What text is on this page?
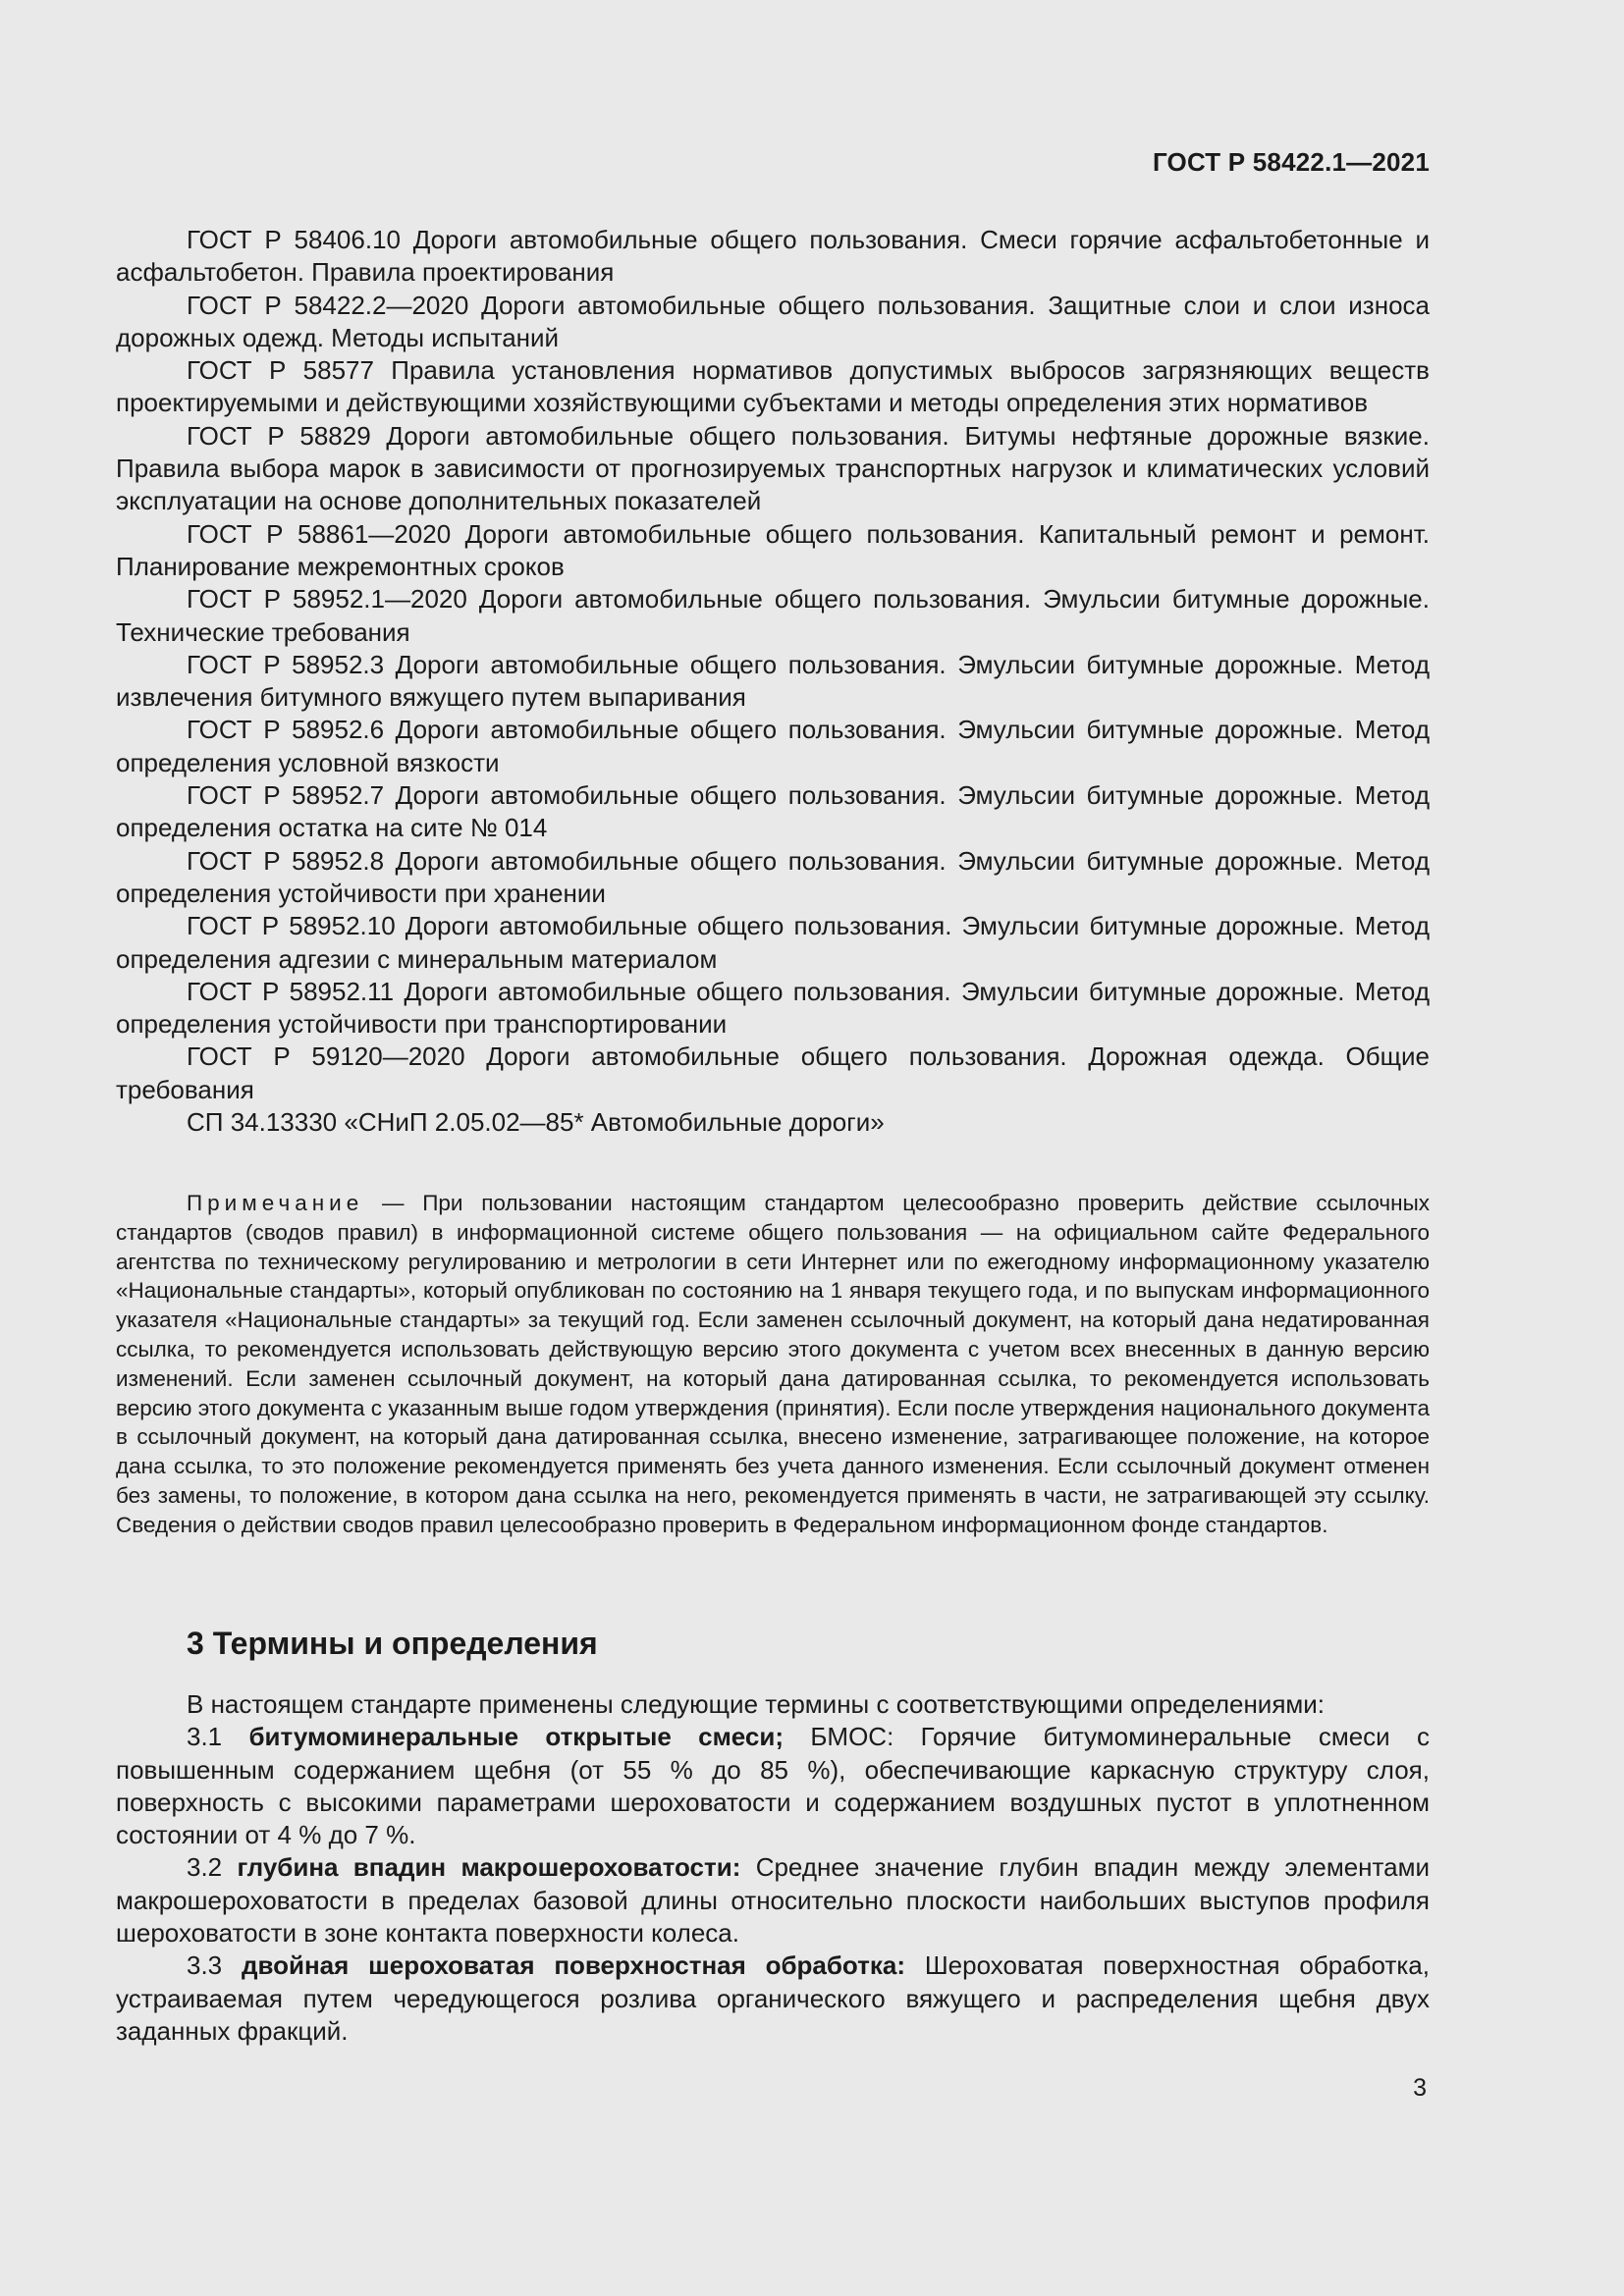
ГОСТ Р 58422.1—2021

ГОСТ Р 58406.10 Дороги автомобильные общего пользования. Смеси горячие асфальтобетонные и асфальтобетон. Правила проектирования

ГОСТ Р 58422.2—2020 Дороги автомобильные общего пользования. Защитные слои и слои износа дорожных одежд. Методы испытаний

ГОСТ Р 58577 Правила установления нормативов допустимых выбросов загрязняющих веществ проектируемыми и действующими хозяйствующими субъектами и методы определения этих нормативов

ГОСТ Р 58829 Дороги автомобильные общего пользования. Битумы нефтяные дорожные вязкие. Правила выбора марок в зависимости от прогнозируемых транспортных нагрузок и климатических условий эксплуатации на основе дополнительных показателей

ГОСТ Р 58861—2020 Дороги автомобильные общего пользования. Капитальный ремонт и ремонт. Планирование межремонтных сроков

ГОСТ Р 58952.1—2020 Дороги автомобильные общего пользования. Эмульсии битумные дорожные. Технические требования

ГОСТ Р 58952.3 Дороги автомобильные общего пользования. Эмульсии битумные дорожные. Метод извлечения битумного вяжущего путем выпаривания

ГОСТ Р 58952.6 Дороги автомобильные общего пользования. Эмульсии битумные дорожные. Метод определения условной вязкости

ГОСТ Р 58952.7 Дороги автомобильные общего пользования. Эмульсии битумные дорожные. Метод определения остатка на сите № 014

ГОСТ Р 58952.8 Дороги автомобильные общего пользования. Эмульсии битумные дорожные. Метод определения устойчивости при хранении

ГОСТ Р 58952.10 Дороги автомобильные общего пользования. Эмульсии битумные дорожные. Метод определения адгезии с минеральным материалом

ГОСТ Р 58952.11 Дороги автомобильные общего пользования. Эмульсии битумные дорожные. Метод определения устойчивости при транспортировании

ГОСТ Р 59120—2020 Дороги автомобильные общего пользования. Дорожная одежда. Общие требования

СП 34.13330 «СНиП 2.05.02—85* Автомобильные дороги»

Примечание — При пользовании настоящим стандартом целесообразно проверить действие ссылочных стандартов (сводов правил) в информационной системе общего пользования — на официальном сайте Федерального агентства по техническому регулированию и метрологии в сети Интернет или по ежегодному информационному указателю «Национальные стандарты», который опубликован по состоянию на 1 января текущего года, и по выпускам информационного указателя «Национальные стандарты» за текущий год. Если заменен ссылочный документ, на который дана недатированная ссылка, то рекомендуется использовать действующую версию этого документа с учетом всех внесенных в данную версию изменений. Если заменен ссылочный документ, на который дана датированная ссылка, то рекомендуется использовать версию этого документа с указанным выше годом утверждения (принятия). Если после утверждения национального документа в ссылочный документ, на который дана датированная ссылка, внесено изменение, затрагивающее положение, на которое дана ссылка, то это положение рекомендуется применять без учета данного изменения. Если ссылочный документ отменен без замены, то положение, в котором дана ссылка на него, рекомендуется применять в части, не затрагивающей эту ссылку. Сведения о действии сводов правил целесообразно проверить в Федеральном информационном фонде стандартов.

3 Термины и определения

В настоящем стандарте применены следующие термины с соответствующими определениями:

3.1 битумоминеральные открытые смеси; БМОС: Горячие битумоминеральные смеси с повышенным содержанием щебня (от 55 % до 85 %), обеспечивающие каркасную структуру слоя, поверхность с высокими параметрами шероховатости и содержанием воздушных пустот в уплотненном состоянии от 4 % до 7 %.

3.2 глубина впадин макрошероховатости: Среднее значение глубин впадин между элементами макрошероховатости в пределах базовой длины относительно плоскости наибольших выступов профиля шероховатости в зоне контакта поверхности колеса.

3.3 двойная шероховатая поверхностная обработка: Шероховатая поверхностная обработка, устраиваемая путем чередующегося розлива органического вяжущего и распределения щебня двух заданных фракций.

3
